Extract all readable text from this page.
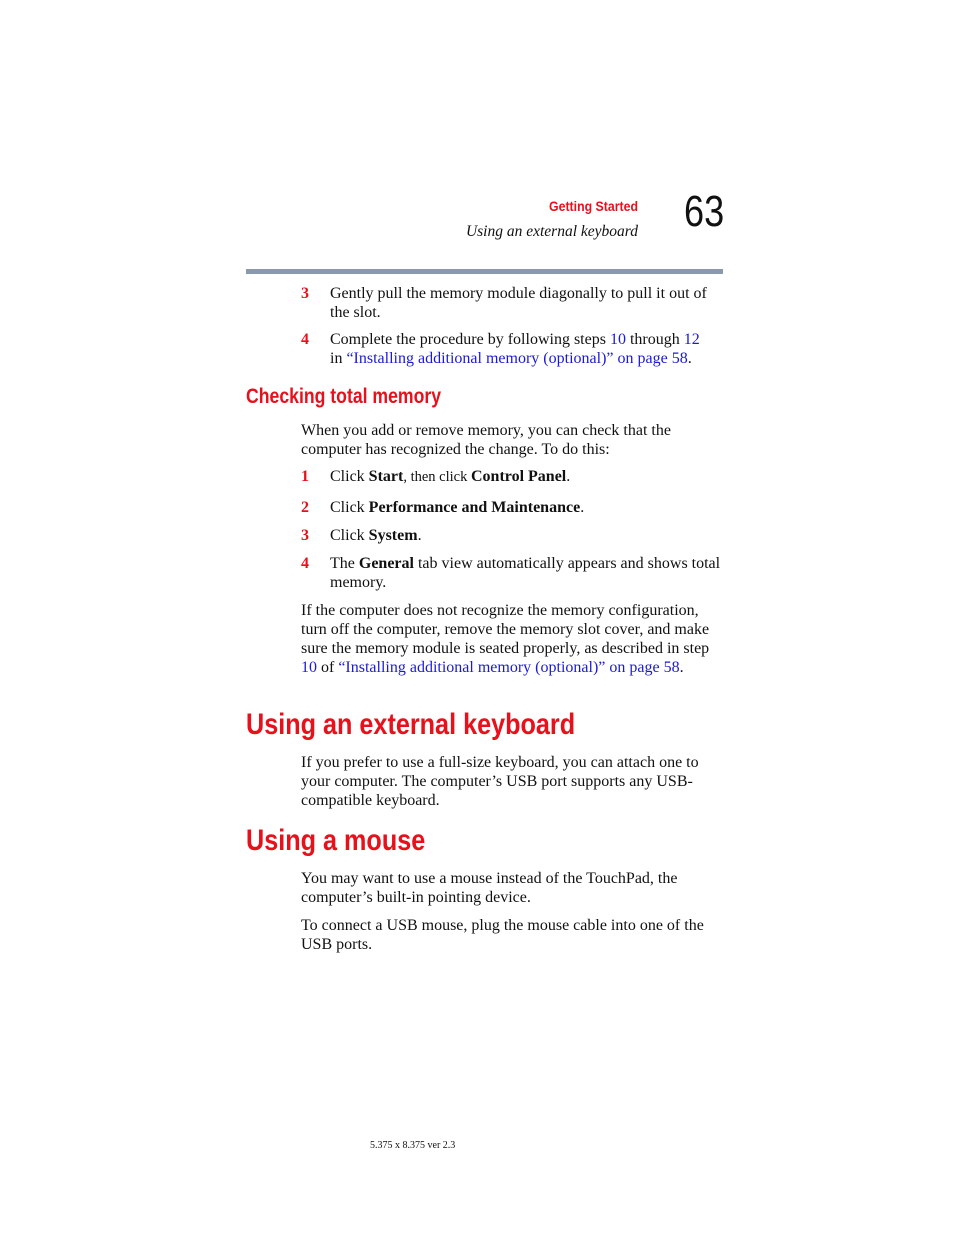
Getting Started
Using an external keyboard 63
3 Gently pull the memory module diagonally to pull it out of the slot.
4 Complete the procedure by following steps 10 through 12
in “Installing additional memory (optional)” on page 58.
Checking total memory
When you add or remove memory, you can check that the computer has recognized the change. To do this:
1 Click Start, then click Control Panel.
2 Click Performance and Maintenance.
3 Click System.
4 The General tab view automatically appears and shows total memory.
If the computer does not recognize the memory configuration, turn off the computer, remove the memory slot cover, and make sure the memory module is seated properly, as described in step 10 of “Installing additional memory (optional)” on page 58.
Using an external keyboard
If you prefer to use a full-size keyboard, you can attach one to your computer. The computer’s USB port supports any USB-compatible keyboard.
Using a mouse
You may want to use a mouse instead of the TouchPad, the computer’s built-in pointing device.
To connect a USB mouse, plug the mouse cable into one of the USB ports.
5.375 x 8.375 ver 2.3
